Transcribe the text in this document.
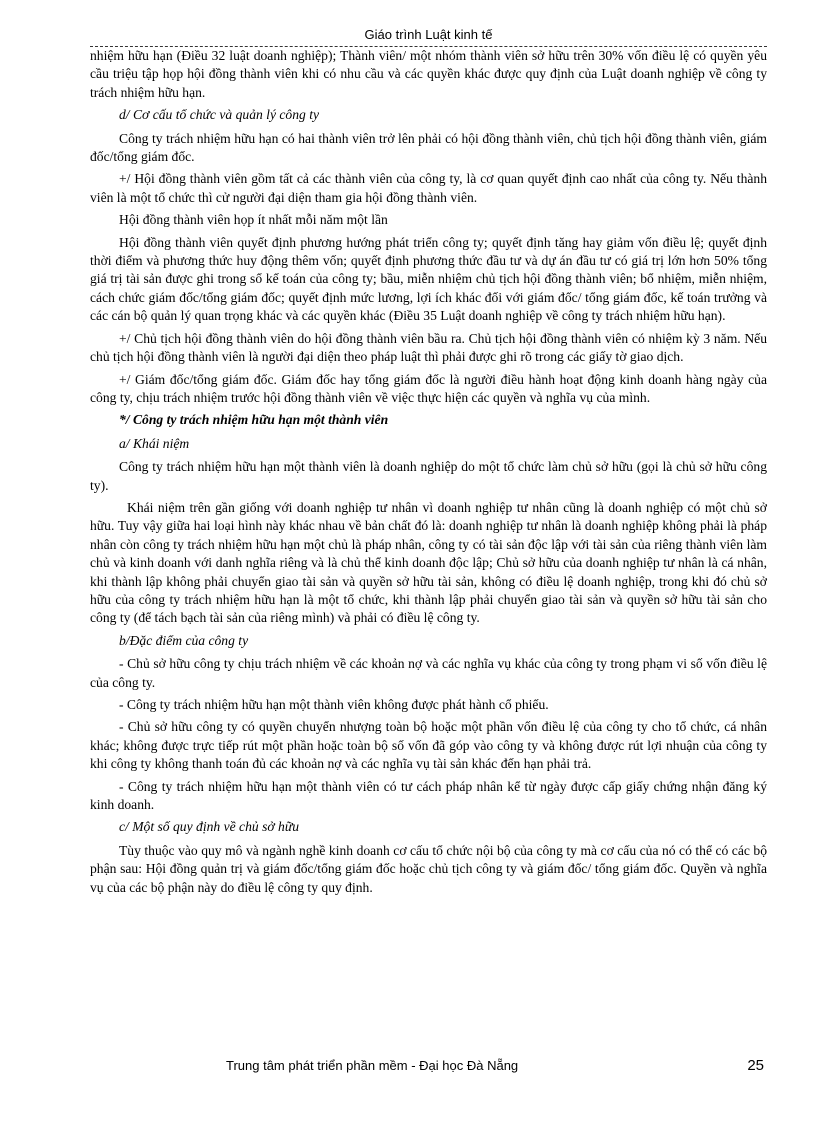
Giáo trình Luật kinh tế

nhiệm hữu hạn (Điều 32 luật doanh nghiệp); Thành viên/ một nhóm thành viên sở hữu trên 30% vốn điều lệ có quyền yêu cầu triệu tập họp hội đồng thành viên khi có nhu cầu và các quyền khác được quy định của Luật doanh nghiệp về công ty trách nhiệm hữu hạn.

d/ Cơ cấu tổ chức và quản lý công ty

Công ty trách nhiệm hữu hạn có hai thành viên trở lên phải có hội đồng thành viên, chủ tịch hội đồng thành viên, giám đốc/tổng giám đốc.

+/ Hội đồng thành viên gồm tất cả các thành viên của công ty, là cơ quan quyết định cao nhất của công ty. Nếu thành viên là một tổ chức thì cử người đại diện tham gia hội đồng thành viên.

Hội đồng thành viên họp ít nhất mỗi năm một lần

Hội đồng thành viên quyết định phương hướng phát triển công ty; quyết định tăng hay giảm vốn điều lệ; quyết định thời điểm và phương thức huy động thêm vốn; quyết định phương thức đầu tư và dự án đầu tư có giá trị lớn hơn 50% tổng giá trị tài sản được ghi trong sổ kế toán của công ty; bầu, miễn nhiệm chủ tịch hội đồng thành viên; bổ nhiệm, miễn nhiệm, cách chức giám đốc/tổng giám đốc; quyết định mức lương, lợi ích khác đối với giám đốc/ tổng giám đốc, kế toán trưởng và các cán bộ quản lý quan trọng khác và các quyền khác (Điều 35 Luật doanh nghiệp về công ty trách nhiệm hữu hạn).

+/ Chủ tịch hội đồng thành viên do hội đồng thành viên bầu ra. Chủ tịch hội đồng thành viên có nhiệm kỳ 3 năm. Nếu chủ tịch hội đồng thành viên là người đại diện theo pháp luật thì phải được ghi rõ trong các giấy tờ giao dịch.

+/ Giám đốc/tổng giám đốc. Giám đốc hay tổng giám đốc là người điều hành hoạt động kinh doanh hàng ngày của công ty, chịu trách nhiệm trước hội đồng thành viên về việc thực hiện các quyền và nghĩa vụ của mình.

*/ Công ty trách nhiệm hữu hạn một thành viên

a/ Khái niệm

Công ty trách nhiệm hữu hạn một thành viên là doanh nghiệp do một tổ chức làm chủ sở hữu (gọi là chủ sở hữu công ty).

Khái niệm trên gần giống với doanh nghiệp tư nhân vì doanh nghiệp tư nhân cũng là doanh nghiệp có một chủ sở hữu. Tuy vậy giữa hai loại hình này khác nhau về bản chất đó là: doanh nghiệp tư nhân là doanh nghiệp không phải là pháp nhân còn công ty trách nhiệm hữu hạn một chủ là pháp nhân, công ty có tài sản độc lập với tài sản của riêng thành viên làm chủ và kinh doanh với danh nghĩa riêng và là chủ thể kinh doanh độc lập; Chủ sở hữu của doanh nghiệp tư nhân là cá nhân, khi thành lập không phải chuyển giao tài sản và quyền sở hữu tài sản, không có điều lệ doanh nghiệp, trong khi đó chủ sở hữu của công ty trách nhiệm hữu hạn là một tổ chức, khi thành lập phải chuyển giao tài sản và quyền sở hữu tài sản cho công ty (để tách bạch tài sản của riêng mình) và phải có điều lệ công ty.

b/Đặc điểm của công ty

- Chủ sở hữu công ty chịu trách nhiệm về các khoản nợ và các nghĩa vụ khác của công ty trong phạm vi số vốn điều lệ của công ty.

- Công ty trách nhiệm hữu hạn một thành viên không được phát hành cổ phiếu.

- Chủ sở hữu công ty có quyền chuyển nhượng toàn bộ hoặc một phần vốn điều lệ của công ty cho tổ chức, cá nhân khác; không được trực tiếp rút một phần hoặc toàn bộ số vốn đã góp vào công ty và không được rút lợi nhuận của công ty khi công ty không thanh toán đủ các khoản nợ và các nghĩa vụ tài sản khác đến hạn phải trả.

- Công ty trách nhiệm hữu hạn một thành viên có tư cách pháp nhân kể từ ngày được cấp giấy chứng nhận đăng ký kinh doanh.

c/ Một số quy định về chủ sở hữu

Tùy thuộc vào quy mô và ngành nghề kinh doanh cơ cấu tổ chức nội bộ của công ty mà cơ cấu của nó có thể có các bộ phận sau: Hội đồng quản trị và giám đốc/tổng giám đốc hoặc chủ tịch công ty và giám đốc/ tổng giám đốc. Quyền và nghĩa vụ của các bộ phận này do điều lệ công ty quy định.

Trung tâm phát triển phần mềm - Đại học Đà Nẵng	25
